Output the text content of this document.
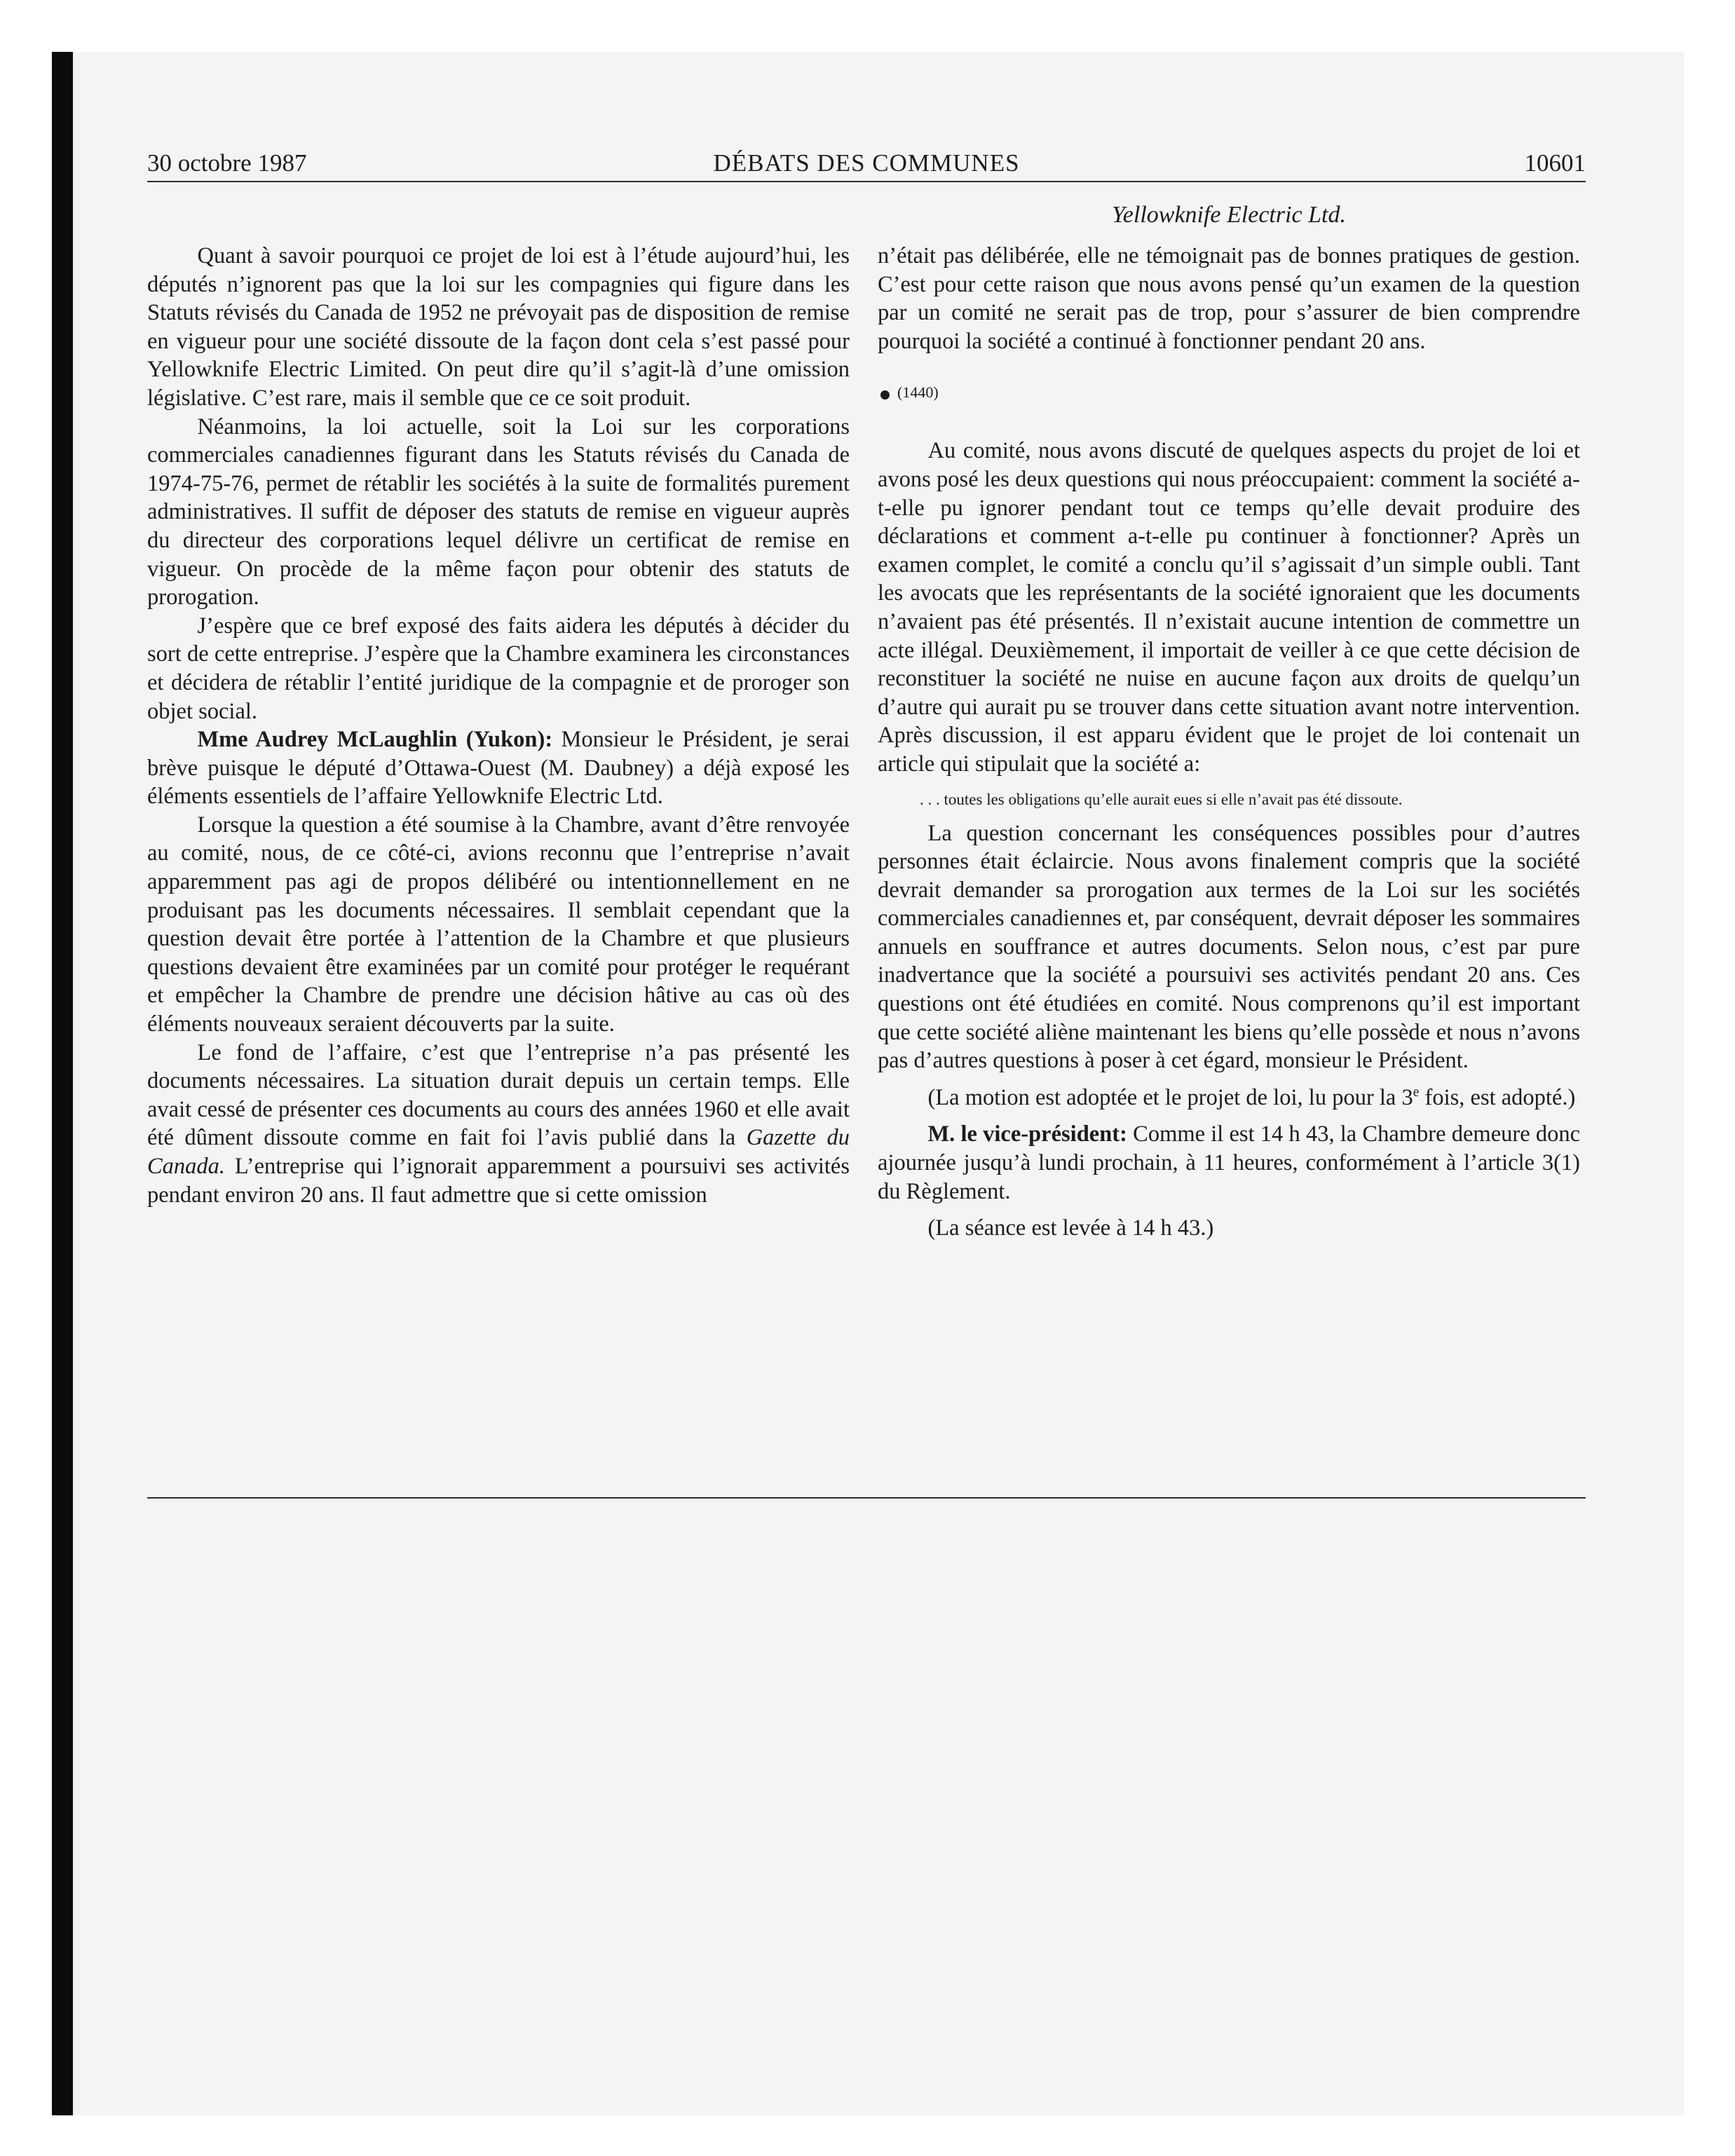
30 octobre 1987	DÉBATS DES COMMUNES	10601
Yellowknife Electric Ltd.

Quant à savoir pourquoi ce projet de loi est à l’étude aujourd’hui, les députés n’ignorent pas que la loi sur les compagnies qui figure dans les Statuts révisés du Canada de 1952 ne prévoyait pas de disposition de remise en vigueur pour une société dissoute de la façon dont cela s’est passé pour Yellowknife Electric Limited. On peut dire qu’il s’agit-là d’une omission législative. C’est rare, mais il semble que ce ce soit produit.

Néanmoins, la loi actuelle, soit la Loi sur les corporations commerciales canadiennes figurant dans les Statuts révisés du Canada de 1974-75-76, permet de rétablir les sociétés à la suite de formalités purement administratives. Il suffit de déposer des statuts de remise en vigueur auprès du directeur des corporations lequel délivre un certificat de remise en vigueur. On procède de la même façon pour obtenir des statuts de prorogation.

J’espère que ce bref exposé des faits aidera les députés à décider du sort de cette entreprise. J’espère que la Chambre examinera les circonstances et décidera de rétablir l’entité juridique de la compagnie et de proroger son objet social.

Mme Audrey McLaughlin (Yukon): Monsieur le Président, je serai brève puisque le député d’Ottawa-Ouest (M. Daubney) a déjà exposé les éléments essentiels de l’affaire Yellowknife Electric Ltd.

Lorsque la question a été soumise à la Chambre, avant d’être renvoyée au comité, nous, de ce côté-ci, avions reconnu que l’entreprise n’avait apparemment pas agi de propos délibéré ou intentionnellement en ne produisant pas les documents nécessaires. Il semblait cependant que la question devait être portée à l’attention de la Chambre et que plusieurs questions devaient être examinées par un comité pour protéger le requérant et empêcher la Chambre de prendre une décision hâtive au cas où des éléments nouveaux seraient découverts par la suite.

Le fond de l’affaire, c’est que l’entreprise n’a pas présenté les documents nécessaires. La situation durait depuis un certain temps. Elle avait cessé de présenter ces documents au cours des années 1960 et elle avait été dûment dissoute comme en fait foi l’avis publié dans la Gazette du Canada. L’entreprise qui l’ignorait apparemment a poursuivi ses activités pendant environ 20 ans. Il faut admettre que si cette omission

n’était pas délibérée, elle ne témoignait pas de bonnes pratiques de gestion. C’est pour cette raison que nous avons pensé qu’un examen de la question par un comité ne serait pas de trop, pour s’assurer de bien comprendre pourquoi la société a continué à fonctionner pendant 20 ans.

(1440)

Au comité, nous avons discuté de quelques aspects du projet de loi et avons posé les deux questions qui nous préoccupaient: comment la société a-t-elle pu ignorer pendant tout ce temps qu’elle devait produire des déclarations et comment a-t-elle pu continuer à fonctionner? Après un examen complet, le comité a conclu qu’il s’agissait d’un simple oubli. Tant les avocats que les représentants de la société ignoraient que les documents n’avaient pas été présentés. Il n’existait aucune intention de commettre un acte illégal. Deuxièmement, il importait de veiller à ce que cette décision de reconstituer la société ne nuise en aucune façon aux droits de quelqu’un d’autre qui aurait pu se trouver dans cette situation avant notre intervention. Après discussion, il est apparu évident que le projet de loi contenait un article qui stipulait que la société a:

. . . toutes les obligations qu’elle aurait eues si elle n’avait pas été dissoute.

La question concernant les conséquences possibles pour d’autres personnes était éclaircie. Nous avons finalement compris que la société devrait demander sa prorogation aux termes de la Loi sur les sociétés commerciales canadiennes et, par conséquent, devrait déposer les sommaires annuels en souffrance et autres documents. Selon nous, c’est par pure inadvertance que la société a poursuivi ses activités pendant 20 ans. Ces questions ont été étudiées en comité. Nous comprenons qu’il est important que cette société aliène maintenant les biens qu’elle possède et nous n’avons pas d’autres questions à poser à cet égard, monsieur le Président.

(La motion est adoptée et le projet de loi, lu pour la 3e fois, est adopté.)

M. le vice-président: Comme il est 14 h 43, la Chambre demeure donc ajournée jusqu’à lundi prochain, à 11 heures, conformément à l’article 3(1) du Règlement.

(La séance est levée à 14 h 43.)
